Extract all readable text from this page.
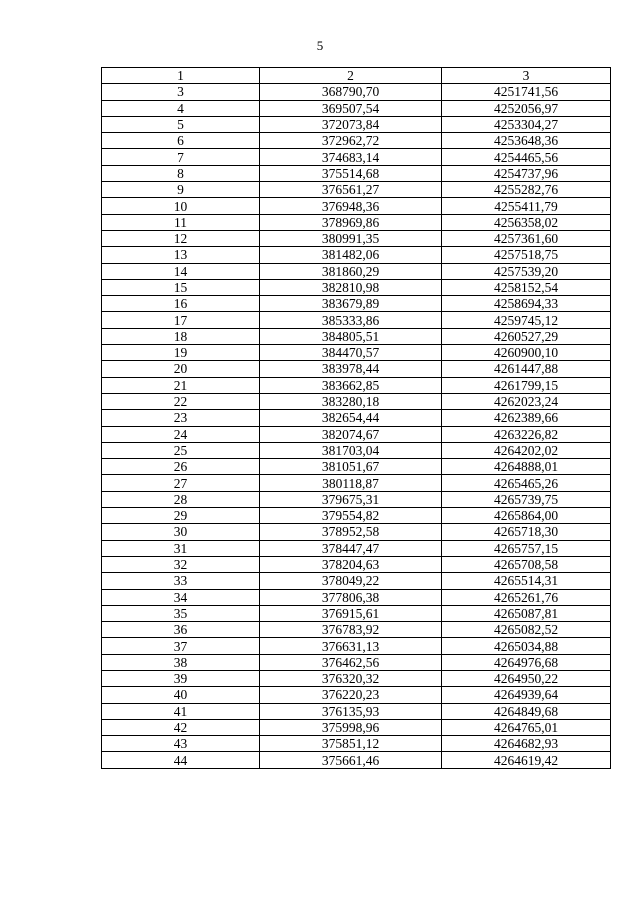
5
1	2	3
3	368790,70	4251741,56
4	369507,54	4252056,97
5	372073,84	4253304,27
6	372962,72	4253648,36
7	374683,14	4254465,56
8	375514,68	4254737,96
9	376561,27	4255282,76
10	376948,36	4255411,79
11	378969,86	4256358,02
12	380991,35	4257361,60
13	381482,06	4257518,75
14	381860,29	4257539,20
15	382810,98	4258152,54
16	383679,89	4258694,33
17	385333,86	4259745,12
18	384805,51	4260527,29
19	384470,57	4260900,10
20	383978,44	4261447,88
21	383662,85	4261799,15
22	383280,18	4262023,24
23	382654,44	4262389,66
24	382074,67	4263226,82
25	381703,04	4264202,02
26	381051,67	4264888,01
27	380118,87	4265465,26
28	379675,31	4265739,75
29	379554,82	4265864,00
30	378952,58	4265718,30
31	378447,47	4265757,15
32	378204,63	4265708,58
33	378049,22	4265514,31
34	377806,38	4265261,76
35	376915,61	4265087,81
36	376783,92	4265082,52
37	376631,13	4265034,88
38	376462,56	4264976,68
39	376320,32	4264950,22
40	376220,23	4264939,64
41	376135,93	4264849,68
42	375998,96	4264765,01
43	375851,12	4264682,93
44	375661,46	4264619,42
